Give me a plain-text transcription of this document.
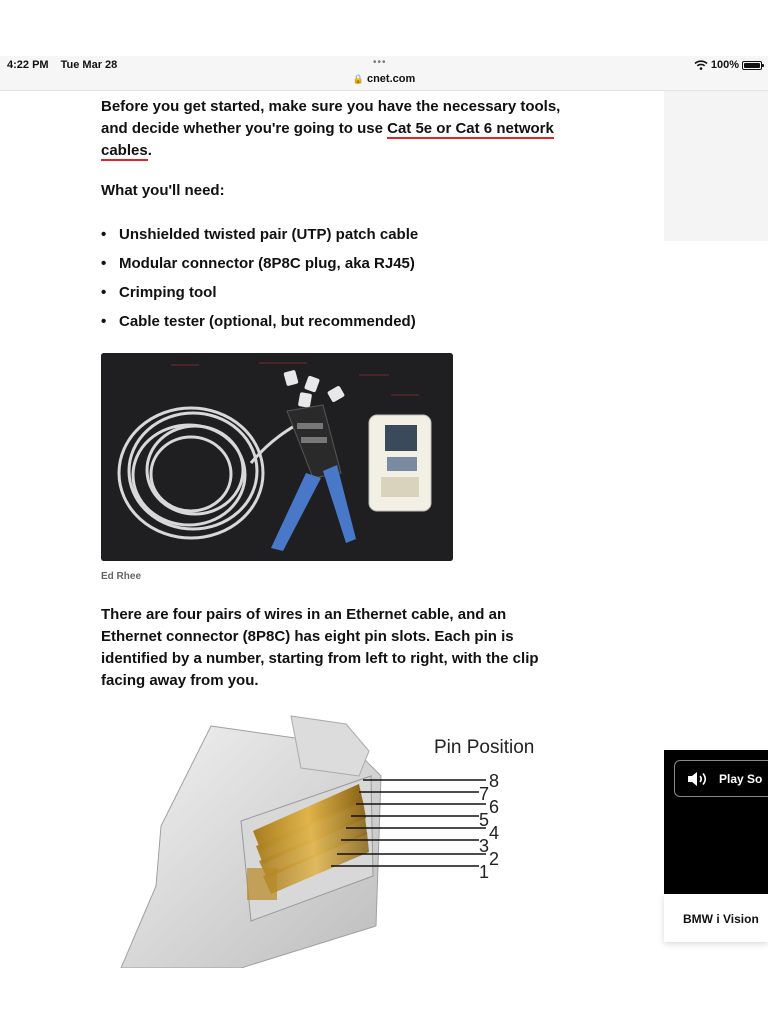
4:22 PM Tue Mar 28	•••
🔒 cnet.com
100%

Before you get started, make sure you have the necessary tools, and decide whether you're going to use Cat 5e or Cat 6 network cables.

What you'll need:
• Unshielded twisted pair (UTP) patch cable
• Modular connector (8P8C plug, aka RJ45)
• Crimping tool
• Cable tester (optional, but recommended)
Ed Rhee

There are four pairs of wires in an Ethernet cable, and an Ethernet connector (8P8C) has eight pin slots. Each pin is identified by a number, starting from left to right, with the clip facing away from you.

8
7
6
5
4
3
2
1
Pin Position
Play So
BMW i Vision
